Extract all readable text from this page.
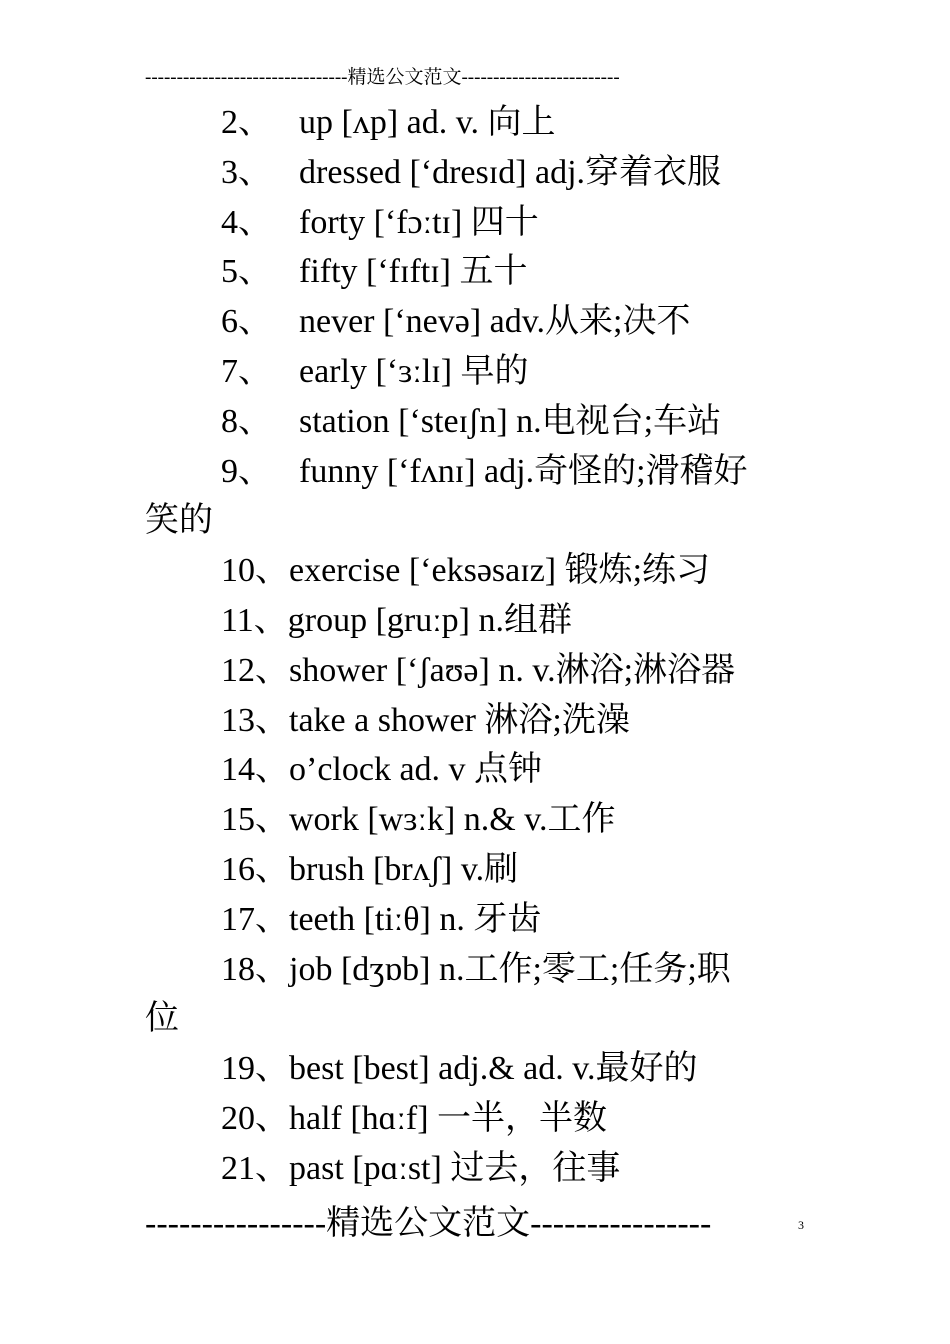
--------------------------------精选公文范文-------------------------
2、 up [ʌp] ad. v. 向上
3、 dressed [‘dresɪd] adj.穿着衣服
4、 forty [‘fɔːtɪ] 四十
5、 fifty [‘fɪftɪ] 五十
6、 never [‘nevə] adv.从来;决不
7、 early [‘ɜːlɪ] 早的
8、 station [‘steɪʃn] n.电视台;车站
9、 funny [‘fʌnɪ] adj.奇怪的;滑稽好
笑的
10、exercise [‘eksəsaɪz] 锻炼;练习
11、group [gruːp] n.组群
12、shower [‘ʃaʊə] n. v.淋浴;淋浴器
13、take a shower 淋浴;洗澡
14、o’clock ad. v 点钟
15、work [wɜːk] n.& v.工作
16、brush [brʌʃ] v.刷
17、teeth [tiːθ] n. 牙齿
18、job [dʒɒb] n.工作;零工;任务;职
位
19、best [best] adj.& ad. v.最好的
20、half [hɑːf] 一半，半数
21、past [pɑːst] 过去，往事
----------------精选公文范文----------------	3
